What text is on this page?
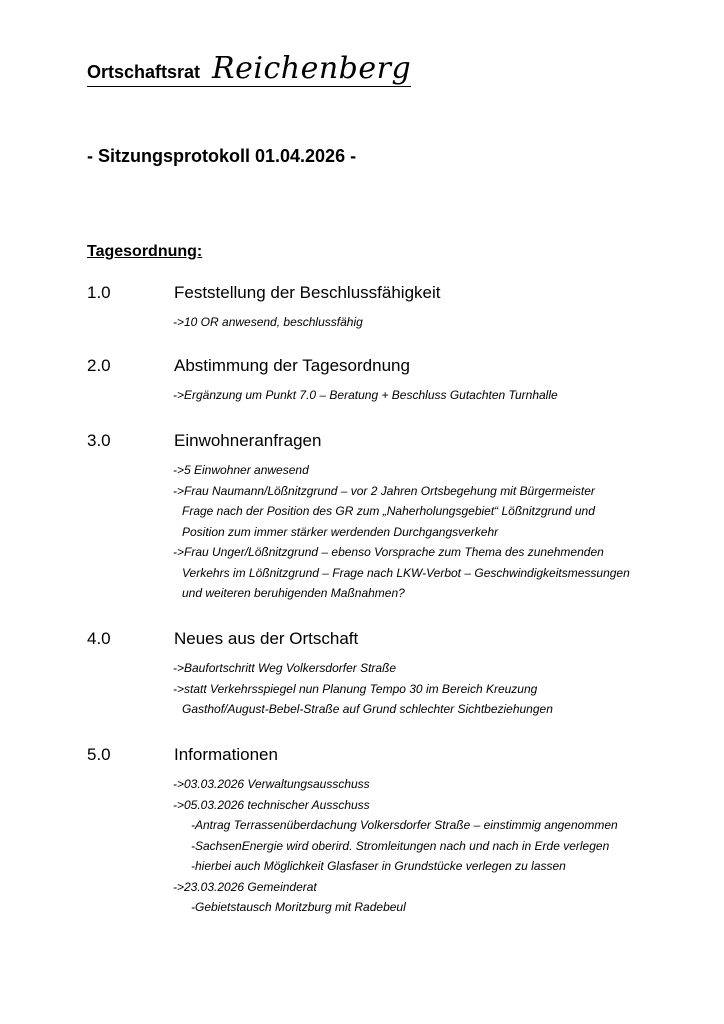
Ortschaftsrat Reichenberg
- Sitzungsprotokoll 01.04.2026 -
Tagesordnung:
1.0	Feststellung der Beschlussfähigkeit
->10 OR anwesend, beschlussfähig
2.0	Abstimmung der Tagesordnung
->Ergänzung um Punkt 7.0 – Beratung + Beschluss Gutachten Turnhalle
3.0	Einwohneranfragen
->5 Einwohner anwesend
->Frau Naumann/Lößnitzgrund – vor 2 Jahren Ortsbegehung mit Bürgermeister
Frage nach der Position des GR zum „Naherholungsgebiet“ Lößnitzgrund und
Position zum immer stärker werdenden Durchgangsverkehr
->Frau Unger/Lößnitzgrund – ebenso Vorsprache zum Thema des zunehmenden
Verkehrs im Lößnitzgrund – Frage nach LKW-Verbot – Geschwindigkeitsmessungen
und weiteren beruhigenden Maßnahmen?
4.0	Neues aus der Ortschaft
->Baufortschritt Weg Volkersdorfer Straße
->statt Verkehrsspiegel nun Planung Tempo 30 im Bereich Kreuzung
Gasthof/August-Bebel-Straße auf Grund schlechter Sichtbeziehungen
5.0	Informationen
->03.03.2026 Verwaltungsausschuss
->05.03.2026 technischer Ausschuss
-Antrag Terrassenüberdachung Volkersdorfer Straße – einstimmig angenommen
-SachsenEnergie wird oberird. Stromleitungen nach und nach in Erde verlegen
-hierbei auch Möglichkeit Glasfaser in Grundstücke verlegen zu lassen
->23.03.2026 Gemeinderat
-Gebietstausch Moritzburg mit Radebeul
